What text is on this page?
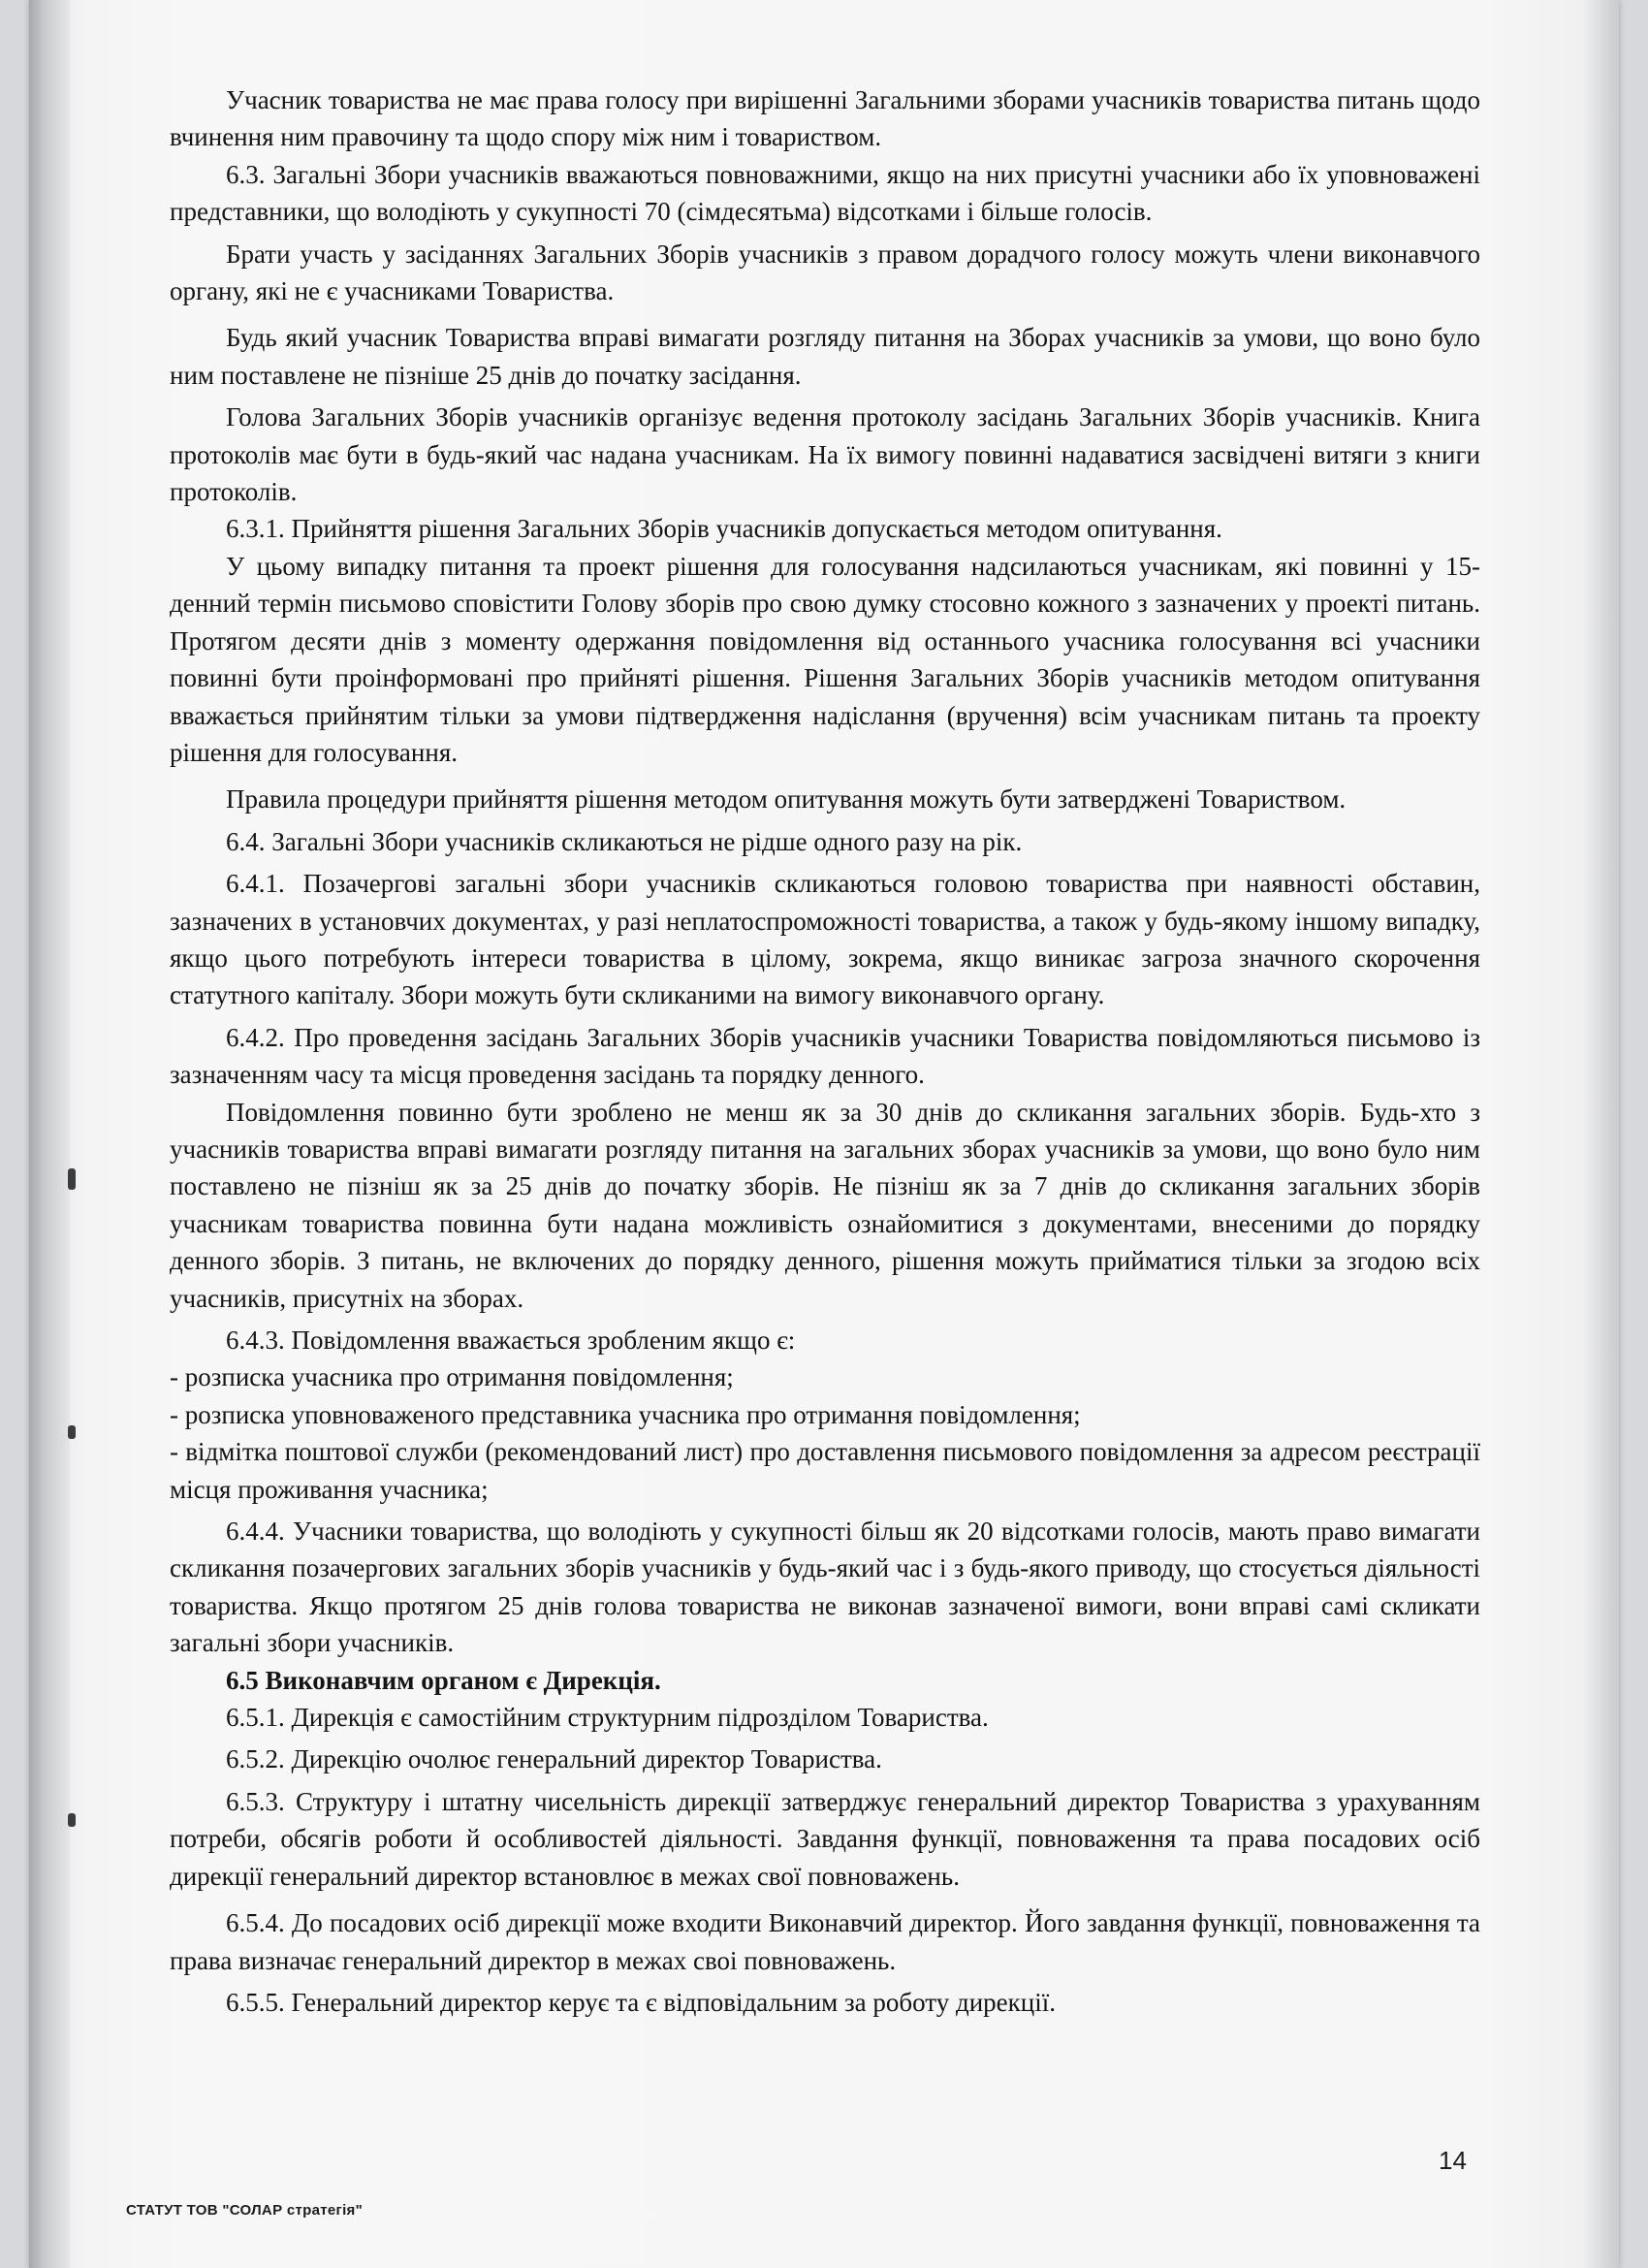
Учасник товариства не має права голосу при вирішенні Загальними зборами учасників товариства питань щодо вчинення ним правочину та щодо спору між ним і товариством.

6.3. Загальні Збори учасників вважаються повноважними, якщо на них присутні учасники або їх уповноважені представники, що володіють у сукупності 70 (сімдесятьма) відсотками і більше голосів.

Брати участь у засіданнях Загальних Зборів учасників з правом дорадчого голосу можуть члени виконавчого органу, які не є учасниками Товариства.

Будь який учасник Товариства вправі вимагати розгляду питання на Зборах учасників за умови, що воно було ним поставлене не пізніше 25 днів до початку засідання.

Голова Загальних Зборів учасників організує ведення протоколу засідань Загальних Зборів учасників. Книга протоколів має бути в будь-який час надана учасникам. На їх вимогу повинні надаватися засвідчені витяги з книги протоколів.

6.3.1. Прийняття рішення Загальних Зборів учасників допускається методом опитування.

У цьому випадку питання та проект рішення для голосування надсилаються учасникам, які повинні у 15-денний термін письмово сповістити Голову зборів про свою думку стосовно кожного з зазначених у проекті питань. Протягом десяти днів з моменту одержання повідомлення від останнього учасника голосування всі учасники повинні бути проінформовані про прийняті рішення. Рішення Загальних Зборів учасників методом опитування вважається прийнятим тільки за умови підтвердження надіслання (вручення) всім учасникам питань та проекту рішення для голосування.

Правила процедури прийняття рішення методом опитування можуть бути затверджені Товариством.

6.4. Загальні Збори учасників скликаються не рідше одного разу на рік.

6.4.1. Позачергові загальні збори учасників скликаються головою товариства при наявності обставин, зазначених в установчих документах, у разі неплатоспроможності товариства, а також у будь-якому іншому випадку, якщо цього потребують інтереси товариства в цілому, зокрема, якщо виникає загроза значного скорочення статутного капіталу. Збори можуть бути скликаними на вимогу виконавчого органу.

6.4.2. Про проведення засідань Загальних Зборів учасників учасники Товариства повідомляються письмово із зазначенням часу та місця проведення засідань та порядку денного.

Повідомлення повинно бути зроблено не менш як за 30 днів до скликання загальних зборів. Будь-хто з учасників товариства вправі вимагати розгляду питання на загальних зборах учасників за умови, що воно було ним поставлено не пізніш як за 25 днів до початку зборів. Не пізніш як за 7 днів до скликання загальних зборів учасникам товариства повинна бути надана можливість ознайомитися з документами, внесеними до порядку денного зборів. З питань, не включених до порядку денного, рішення можуть прийматися тільки за згодою всіх учасників, присутніх на зборах.

6.4.3. Повідомлення вважається зробленим якщо є:

- розписка учасника про отримання повідомлення;

- розписка уповноваженого представника учасника про отримання повідомлення;

- відмітка поштової служби (рекомендований лист) про доставлення письмового повідомлення за адресом реєстрації місця проживання учасника;

6.4.4. Учасники товариства, що володіють у сукупності більш як 20 відсотками голосів, мають право вимагати скликання позачергових загальних зборів учасників у будь-який час і з будь-якого приводу, що стосується діяльності товариства. Якщо протягом 25 днів голова товариства не виконав зазначеної вимоги, вони вправі самі скликати загальні збори учасників.

6.5 Виконавчим органом є Дирекція.

6.5.1. Дирекція є самостійним структурним підрозділом Товариства.

6.5.2. Дирекцію очолює генеральний директор Товариства.

6.5.3. Структуру і штатну чисельність дирекції затверджує генеральний директор Товариства з урахуванням потреби, обсягів роботи й особливостей діяльності. Завдання функції, повноваження та права посадових осіб дирекції генеральний директор встановлює в межах свої повноважень.

6.5.4. До посадових осіб дирекції може входити Виконавчий директор. Його завдання функції, повноваження та права визначає генеральний директор в межах своі повноважень.

6.5.5. Генеральний директор керує та є відповідальним за роботу дирекції.

14
СТАТУТ ТОВ "СОЛАР стратегія"
